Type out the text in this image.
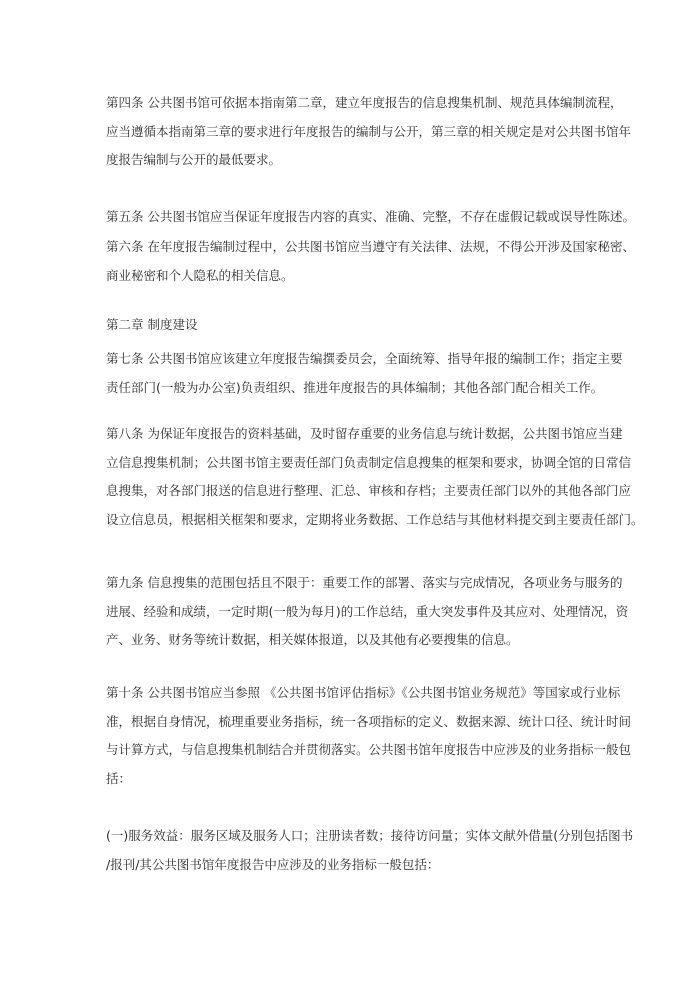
第四条 公共图书馆可依据本指南第二章，建立年度报告的信息搜集机制、规范具体编制流程，
应当遵循本指南第三章的要求进行年度报告的编制与公开，第三章的相关规定是对公共图书馆年
度报告编制与公开的最低要求。
第五条 公共图书馆应当保证年度报告内容的真实、准确、完整，不存在虚假记载或误导性陈述。
第六条 在年度报告编制过程中，公共图书馆应当遵守有关法律、法规，不得公开涉及国家秘密、
商业秘密和个人隐私的相关信息。
第二章 制度建设
第七条 公共图书馆应该建立年度报告编撰委员会，全面统筹、指导年报的编制工作；指定主要
责任部门(一般为办公室)负责组织、推进年度报告的具体编制；其他各部门配合相关工作。
第八条 为保证年度报告的资料基础，及时留存重要的业务信息与统计数据，公共图书馆应当建
立信息搜集机制；公共图书馆主要责任部门负责制定信息搜集的框架和要求，协调全馆的日常信
息搜集，对各部门报送的信息进行整理、汇总、审核和存档；主要责任部门以外的其他各部门应
设立信息员，根据相关框架和要求，定期将业务数据、工作总结与其他材料提交到主要责任部门。
第九条 信息搜集的范围包括且不限于：重要工作的部署、落实与完成情况，各项业务与服务的
进展、经验和成绩，一定时期(一般为每月)的工作总结，重大突发事件及其应对、处理情况，资
产、业务、财务等统计数据，相关媒体报道，以及其他有必要搜集的信息。
第十条 公共图书馆应当参照 《公共图书馆评估指标》《公共图书馆业务规范》等国家或行业标
准，根据自身情况，梳理重要业务指标，统一各项指标的定义、数据来源、统计口径、统计时间
与计算方式，与信息搜集机制结合并贯彻落实。公共图书馆年度报告中应涉及的业务指标一般包
括：
(一)服务效益：服务区域及服务人口；注册读者数；接待访问量；实体文献外借量(分别包括图书
/报刊/其公共图书馆年度报告中应涉及的业务指标一般包括：
